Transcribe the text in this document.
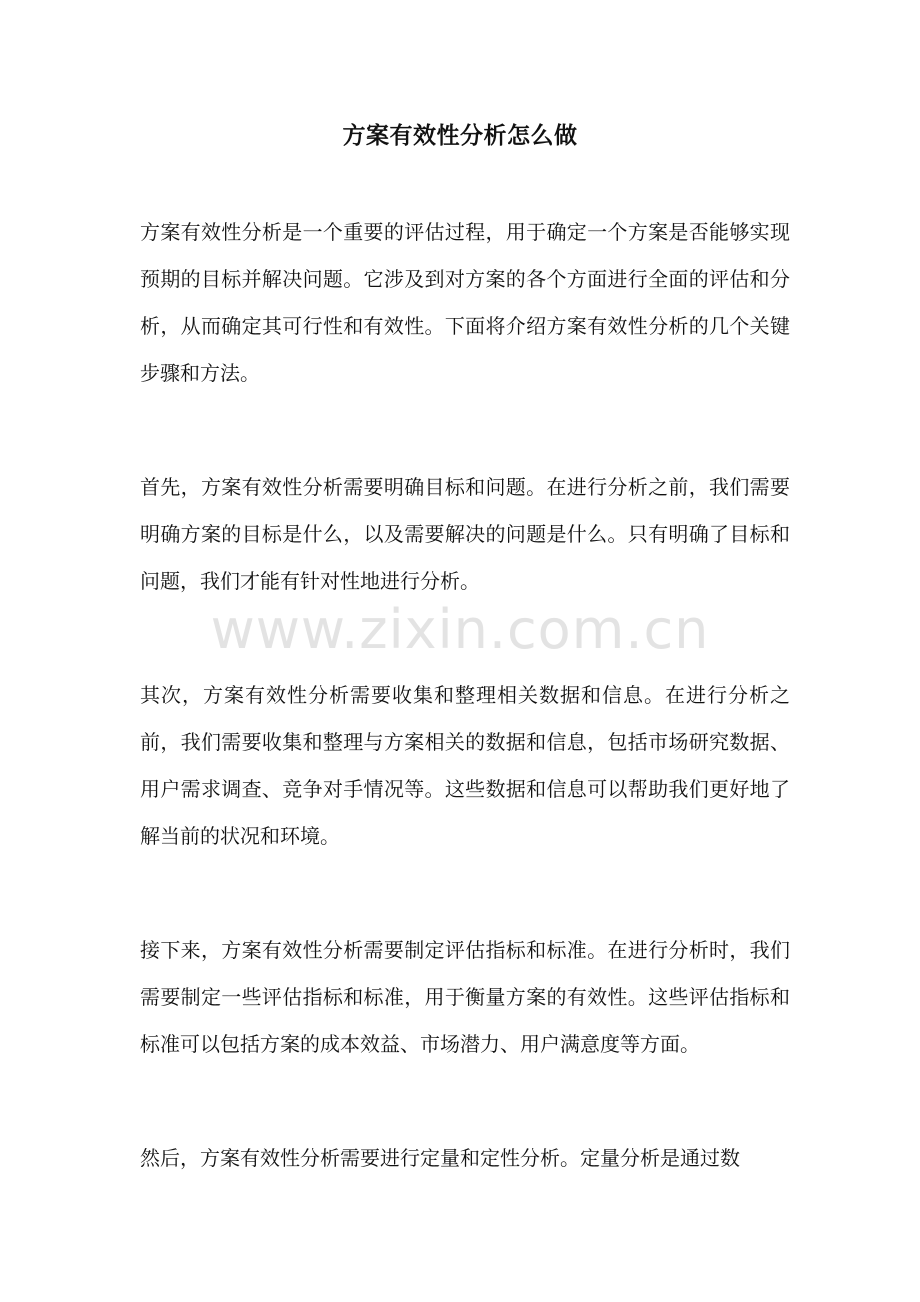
方案有效性分析怎么做

方案有效性分析是一个重要的评估过程，用于确定一个方案是否能够实现预期的目标并解决问题。它涉及到对方案的各个方面进行全面的评估和分析，从而确定其可行性和有效性。下面将介绍方案有效性分析的几个关键步骤和方法。

首先，方案有效性分析需要明确目标和问题。在进行分析之前，我们需要明确方案的目标是什么，以及需要解决的问题是什么。只有明确了目标和问题，我们才能有针对性地进行分析。

其次，方案有效性分析需要收集和整理相关数据和信息。在进行分析之前，我们需要收集和整理与方案相关的数据和信息，包括市场研究数据、用户需求调查、竞争对手情况等。这些数据和信息可以帮助我们更好地了解当前的状况和环境。

接下来，方案有效性分析需要制定评估指标和标准。在进行分析时，我们需要制定一些评估指标和标准，用于衡量方案的有效性。这些评估指标和标准可以包括方案的成本效益、市场潜力、用户满意度等方面。

然后，方案有效性分析需要进行定量和定性分析。定量分析是通过数

www.zixin.com.cn
